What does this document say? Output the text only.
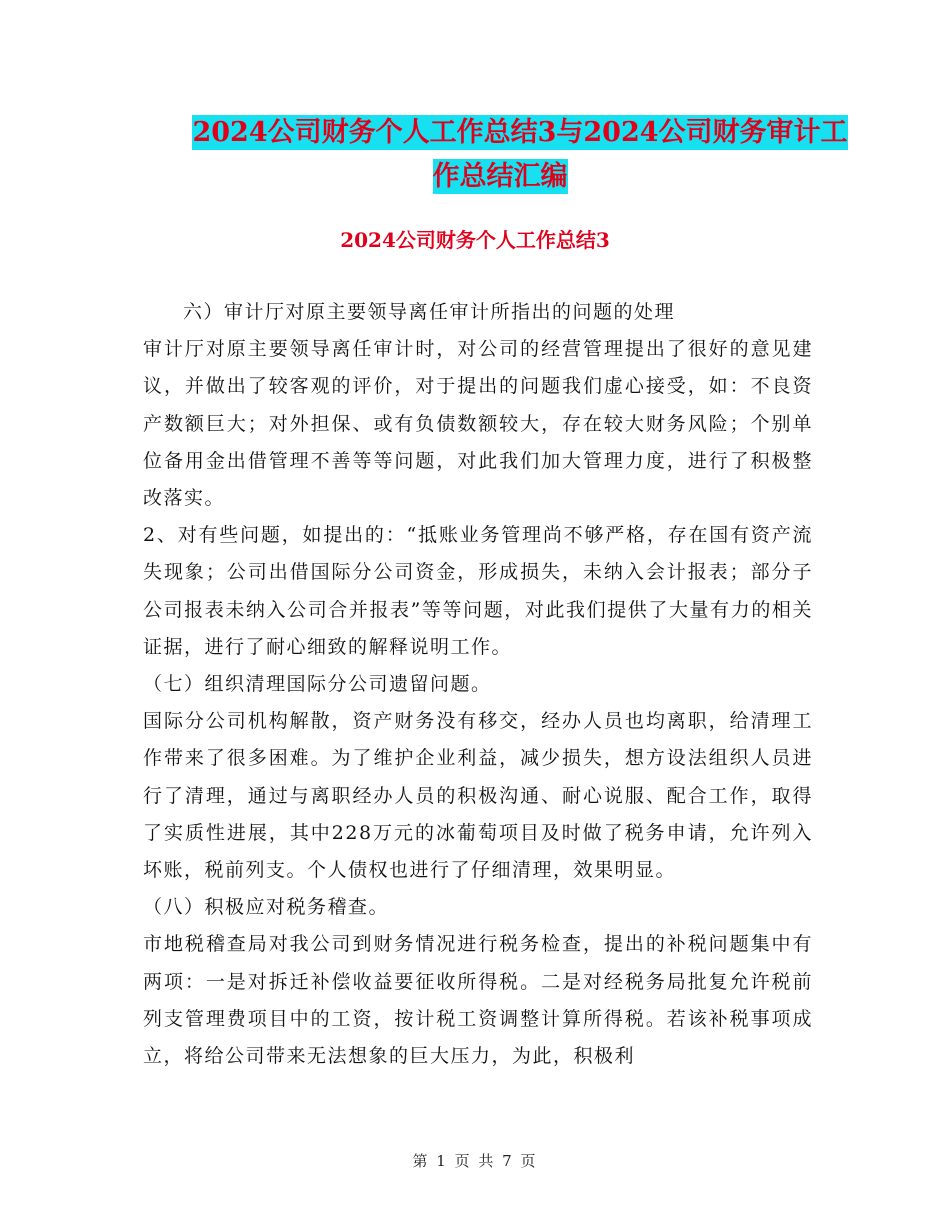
2024公司财务个人工作总结3与2024公司财务审计工
作总结汇编
2024公司财务个人工作总结3

六）审计厅对原主要领导离任审计所指出的问题的处理

审计厅对原主要领导离任审计时，对公司的经营管理提出了很好的意见建议，并做出了较客观的评价，对于提出的问题我们虚心接受，如：不良资产数额巨大；对外担保、或有负债数额较大，存在较大财务风险；个别单位备用金出借管理不善等等问题，对此我们加大管理力度，进行了积极整改落实。

2、对有些问题，如提出的：“抵账业务管理尚不够严格，存在国有资产流失现象；公司出借国际分公司资金，形成损失，未纳入会计报表；部分子公司报表未纳入公司合并报表”等等问题，对此我们提供了大量有力的相关证据，进行了耐心细致的解释说明工作。

（七）组织清理国际分公司遗留问题。

国际分公司机构解散，资产财务没有移交，经办人员也均离职，给清理工作带来了很多困难。为了维护企业利益，减少损失，想方设法组织人员进行了清理，通过与离职经办人员的积极沟通、耐心说服、配合工作，取得了实质性进展，其中228万元的冰葡萄项目及时做了税务申请，允许列入坏账，税前列支。个人债权也进行了仔细清理，效果明显。

（八）积极应对税务稽查。

市地税稽查局对我公司到财务情况进行税务检查，提出的补税问题集中有两项：一是对拆迁补偿收益要征收所得税。二是对经税务局批复允许税前列支管理费项目中的工资，按计税工资调整计算所得税。若该补税事项成立，将给公司带来无法想象的巨大压力，为此，积极利

第 1 页 共 7 页
